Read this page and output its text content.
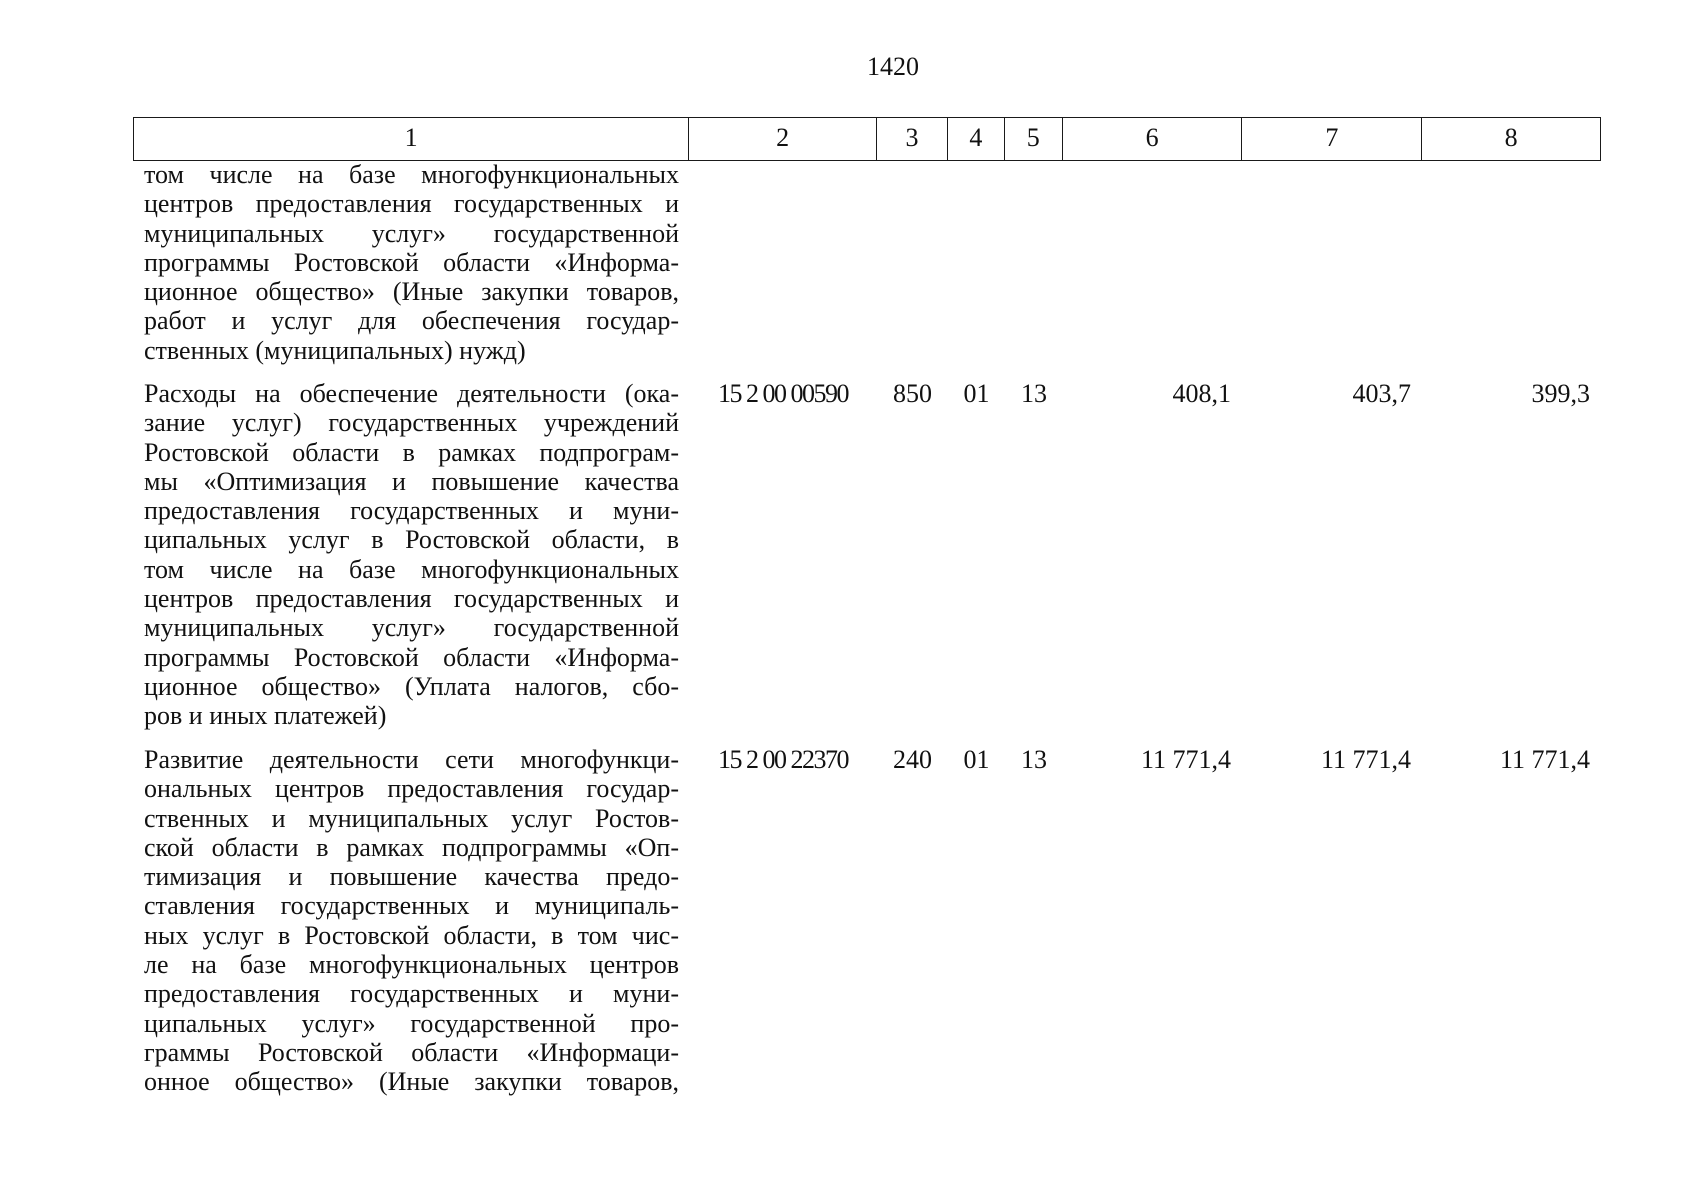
1420
1	2	3	4	5	6	7	8
том числе на базе многофункциональных
центров предоставления государственных и
муниципальных услуг» государственной
программы Ростовской области «Информа-
ционное общество» (Иные закупки товаров,
работ и услуг для обеспечения государ-
ственных (муниципальных) нужд)
Расходы на обеспечение деятельности (ока-
зание услуг) государственных учреждений
Ростовской области в рамках подпрограм-
мы «Оптимизация и повышение качества
предоставления государственных и муни-
ципальных услуг в Ростовской области, в
том числе на базе многофункциональных
центров предоставления государственных и
муниципальных услуг» государственной
программы Ростовской области «Информа-
ционное общество» (Уплата налогов, сбо-
ров и иных платежей)
15 2 00 00590	850	01	13	408,1	403,7	399,3
Развитие деятельности сети многофункци-
ональных центров предоставления государ-
ственных и муниципальных услуг Ростов-
ской области в рамках подпрограммы «Оп-
тимизация и повышение качества предо-
ставления государственных и муниципаль-
ных услуг в Ростовской области, в том чис-
ле на базе многофункциональных центров
предоставления государственных и муни-
ципальных услуг» государственной про-
граммы Ростовской области «Информаци-
онное общество» (Иные закупки товаров,
15 2 00 22370	240	01	13	11 771,4	11 771,4	11 771,4
